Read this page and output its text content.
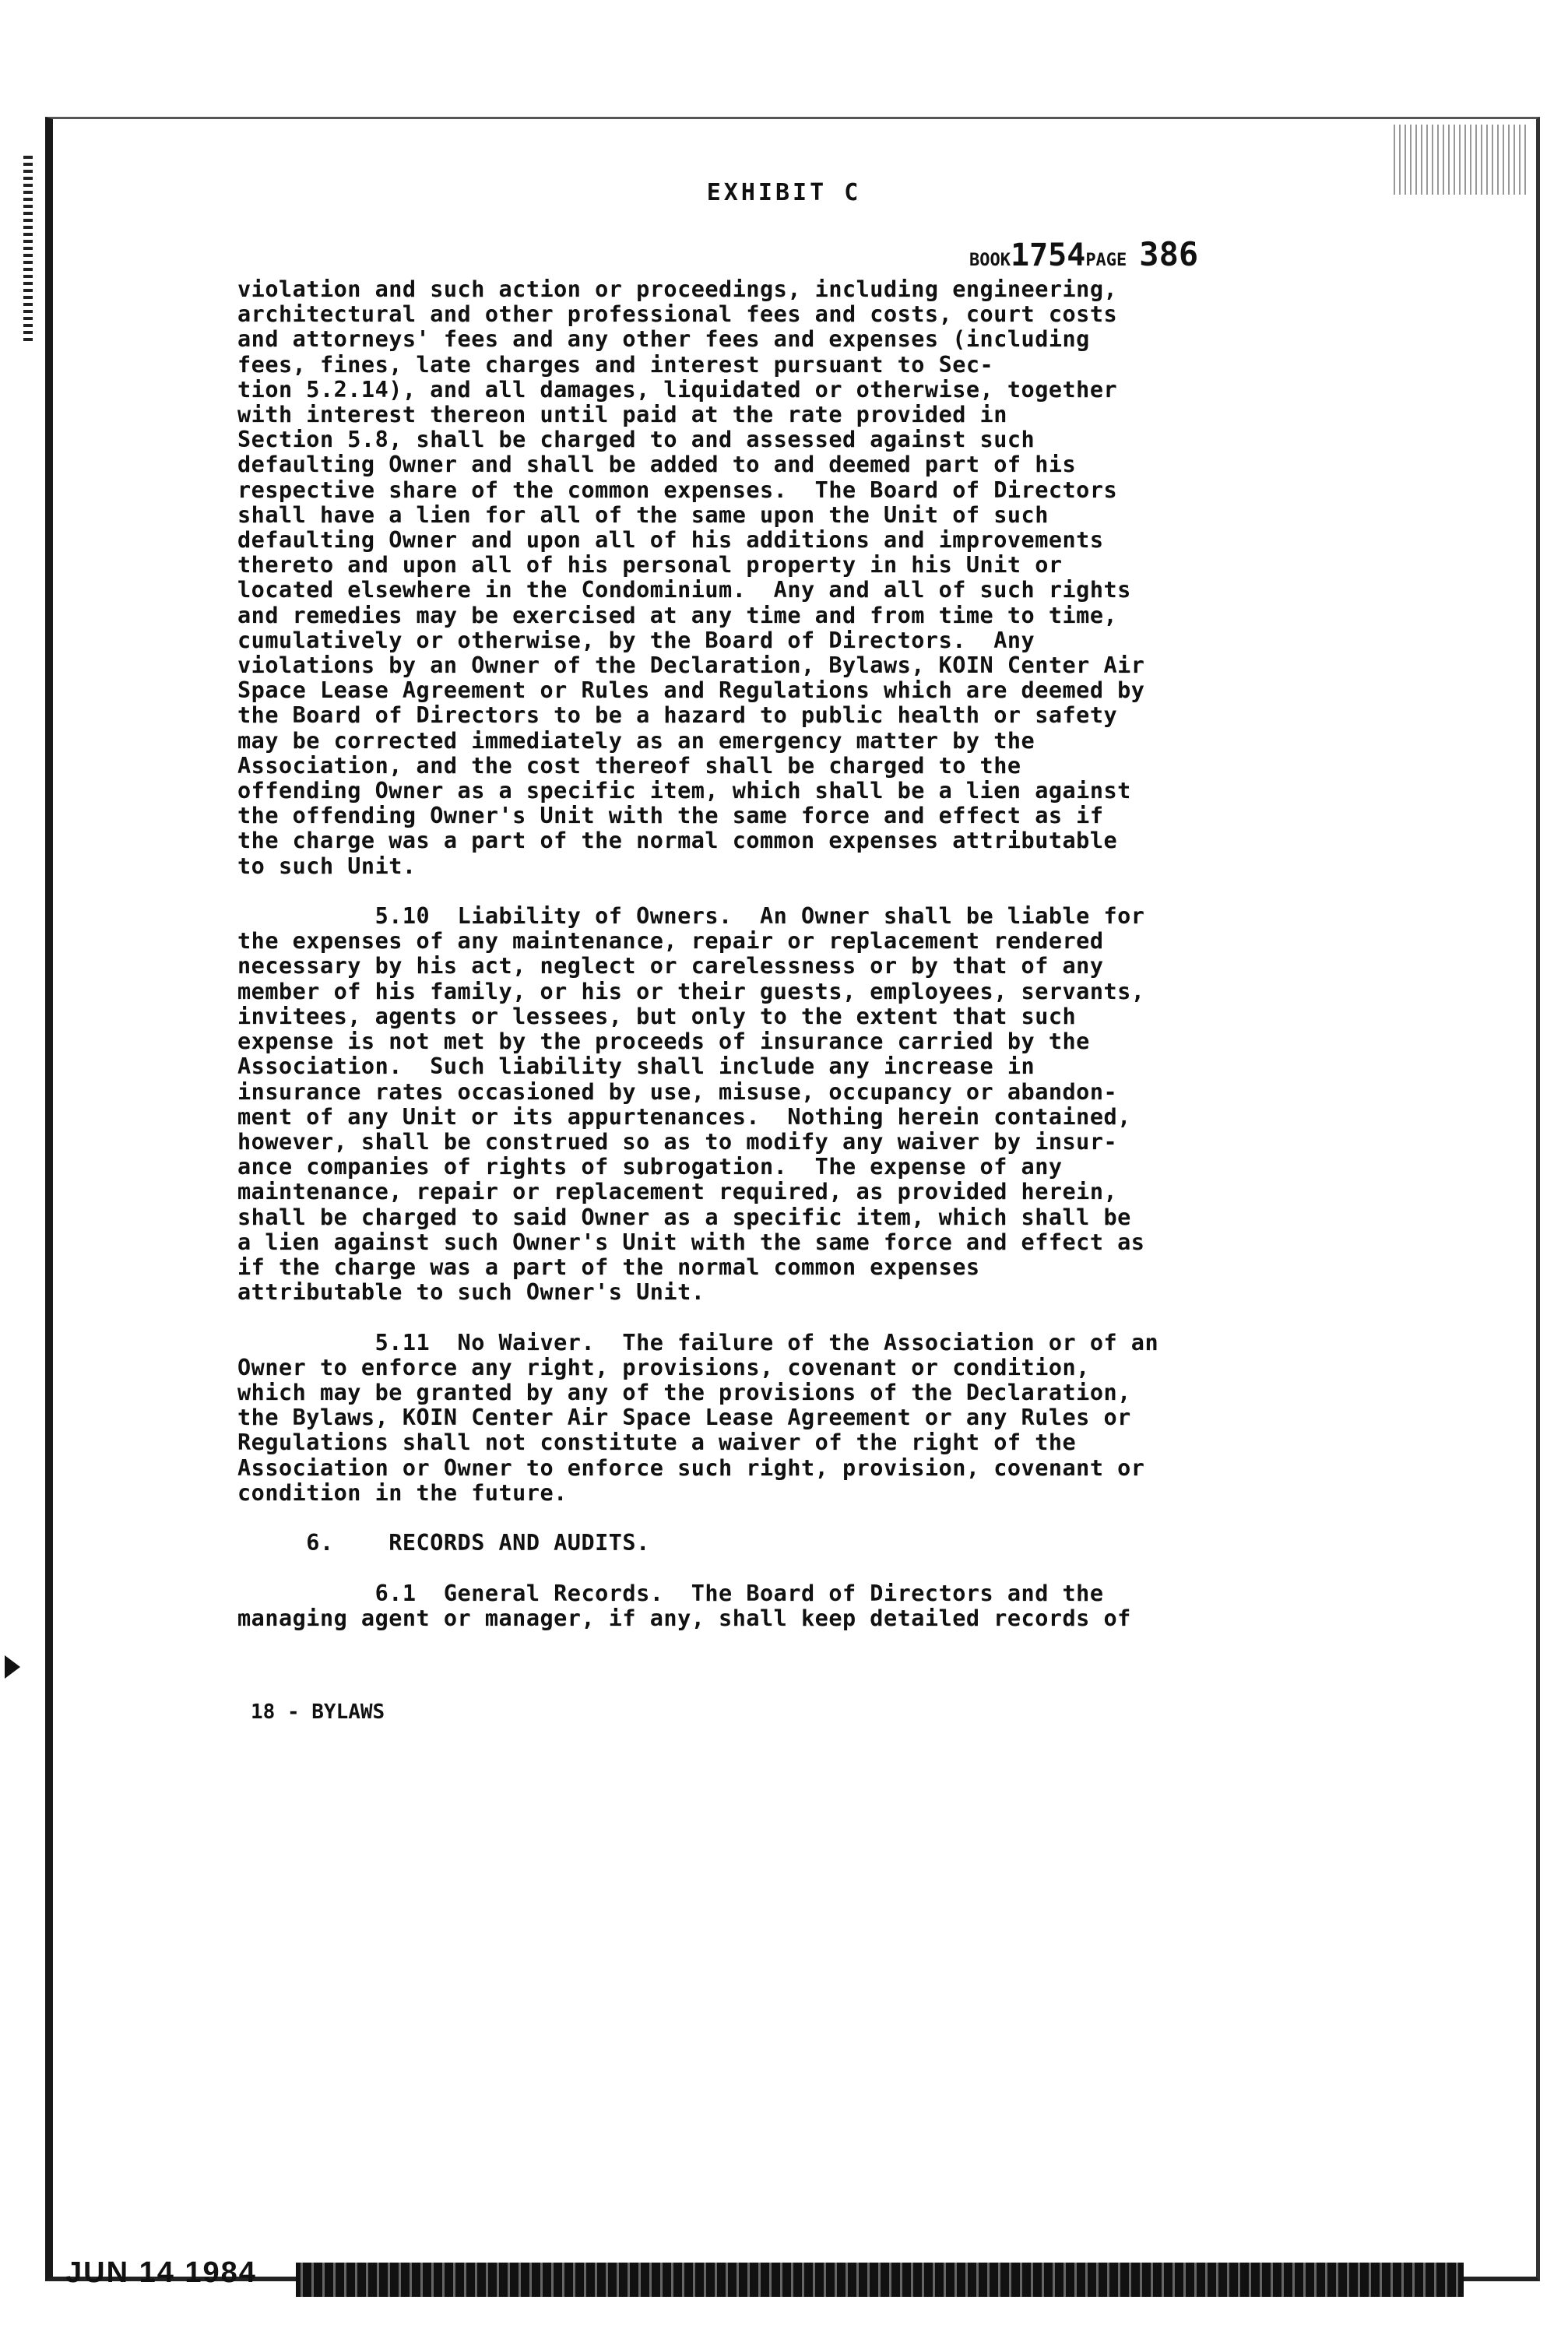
EXHIBIT C
BOOK1754PAGE 386
violation and such action or proceedings, including engineering,
architectural and other professional fees and costs, court costs
and attorneys' fees and any other fees and expenses (including
fees, fines, late charges and interest pursuant to Sec-
tion 5.2.14), and all damages, liquidated or otherwise, together
with interest thereon until paid at the rate provided in
Section 5.8, shall be charged to and assessed against such
defaulting Owner and shall be added to and deemed part of his
respective share of the common expenses.  The Board of Directors
shall have a lien for all of the same upon the Unit of such
defaulting Owner and upon all of his additions and improvements
thereto and upon all of his personal property in his Unit or
located elsewhere in the Condominium.  Any and all of such rights
and remedies may be exercised at any time and from time to time,
cumulatively or otherwise, by the Board of Directors.  Any
violations by an Owner of the Declaration, Bylaws, KOIN Center Air
Space Lease Agreement or Rules and Regulations which are deemed by
the Board of Directors to be a hazard to public health or safety
may be corrected immediately as an emergency matter by the
Association, and the cost thereof shall be charged to the
offending Owner as a specific item, which shall be a lien against
the offending Owner's Unit with the same force and effect as if
the charge was a part of the normal common expenses attributable
to such Unit.

5.10  Liability of Owners.  An Owner shall be liable for
the expenses of any maintenance, repair or replacement rendered
necessary by his act, neglect or carelessness or by that of any
member of his family, or his or their guests, employees, servants,
invitees, agents or lessees, but only to the extent that such
expense is not met by the proceeds of insurance carried by the
Association.  Such liability shall include any increase in
insurance rates occasioned by use, misuse, occupancy or abandon-
ment of any Unit or its appurtenances.  Nothing herein contained,
however, shall be construed so as to modify any waiver by insur-
ance companies of rights of subrogation.  The expense of any
maintenance, repair or replacement required, as provided herein,
shall be charged to said Owner as a specific item, which shall be
a lien against such Owner's Unit with the same force and effect as
if the charge was a part of the normal common expenses
attributable to such Owner's Unit.

5.11  No Waiver.  The failure of the Association or of an
Owner to enforce any right, provisions, covenant or condition,
which may be granted by any of the provisions of the Declaration,
the Bylaws, KOIN Center Air Space Lease Agreement or any Rules or
Regulations shall not constitute a waiver of the right of the
Association or Owner to enforce such right, provision, covenant or
condition in the future.

6.    RECORDS AND AUDITS.

6.1  General Records.  The Board of Directors and the
managing agent or manager, if any, shall keep detailed records of
18 - BYLAWS
JUN 14 1984
